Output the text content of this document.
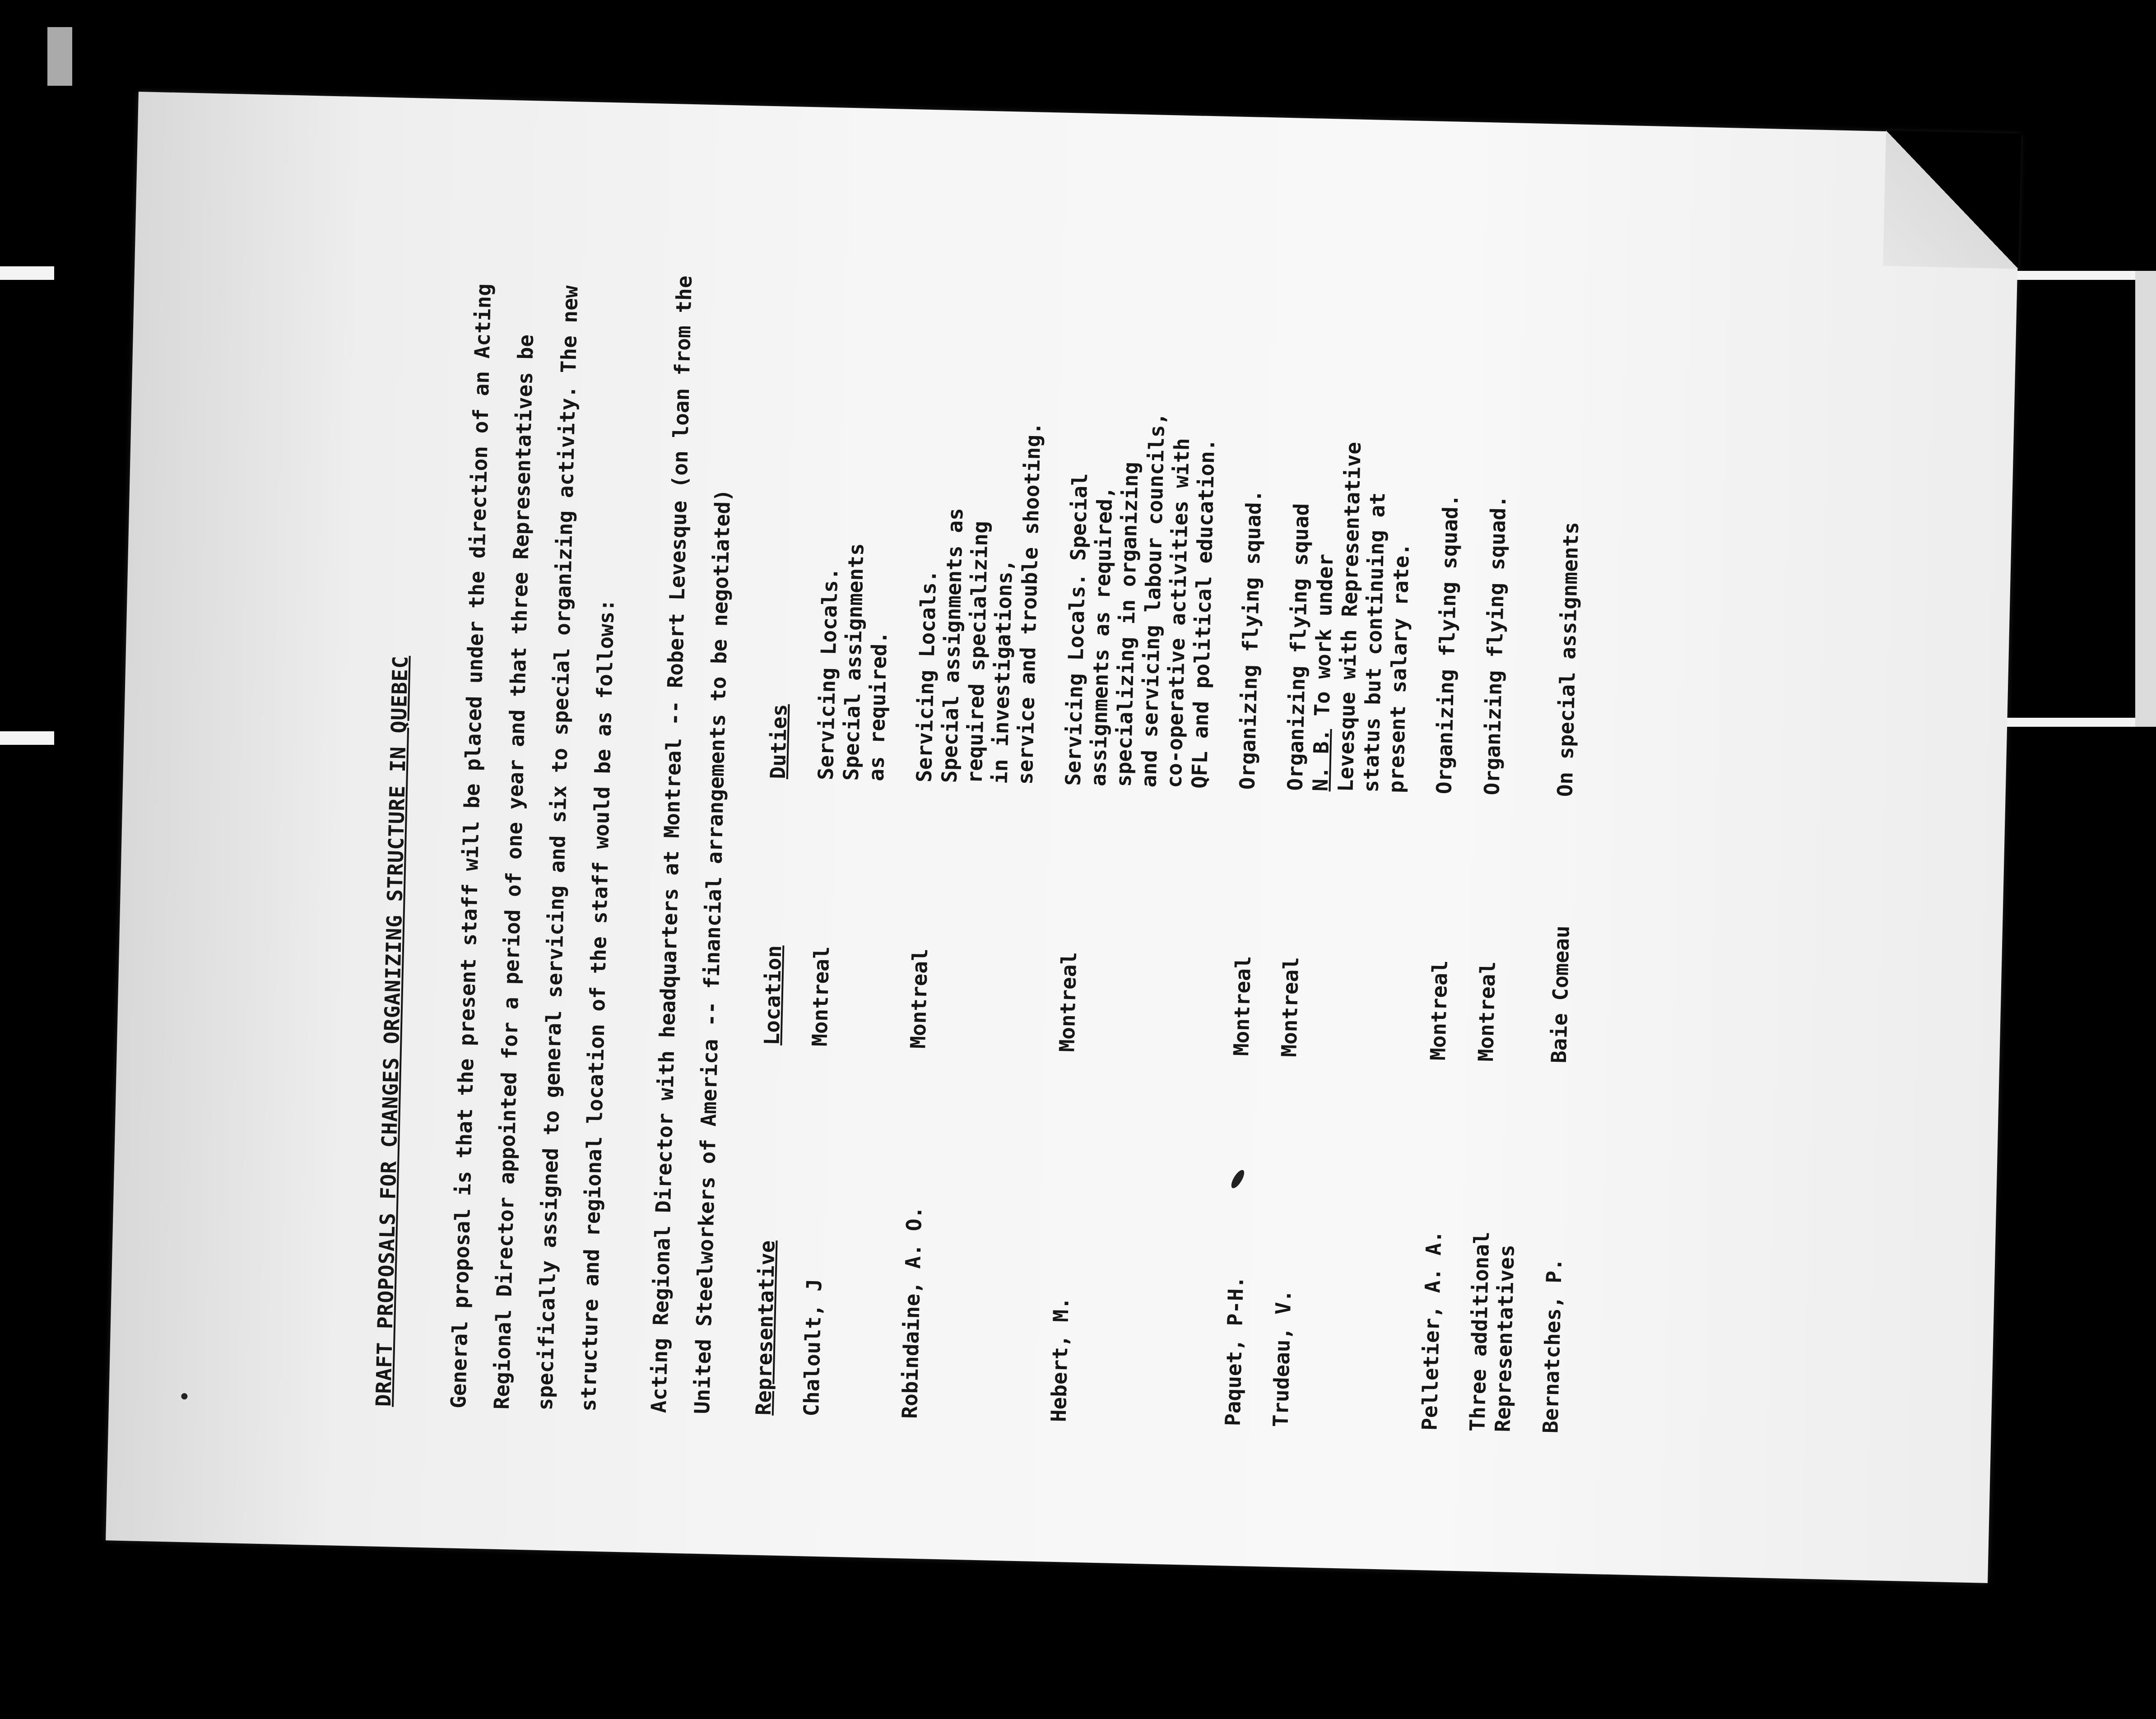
DRAFT PROPOSALS FOR CHANGES ORGANIZING STRUCTURE IN QUEBEC	General proposal is that the present staff will be placed under the direction of an Acting Regional Director appointed for a period of one year and that three Representatives be specifically assigned to general servicing and six to special organizing activity. The new structure and regional location of the staff would be as follows:	Acting Regional Director with headquarters at Montreal -- Robert Levesque (on loan from the United Steelworkers of America -- financial arrangements to be negotiated) Representative
Location
Duties
Chaloult, J
Montreal
Servicing Locals.
Special assignments
as required.
Robindaine, A. O.
Montreal
Servicing Locals.
Special assignments as
required specializing
in investigations,
service and trouble shooting.
Hebert, M.
Montreal
Servicing Locals. Special
assignments as required,
specializing in organizing
and servicing labour councils,
co-operative activities with
QFL and political education.
Paquet, P-H.
Montreal
Organizing flying squad.
Trudeau, V.
Montreal
Organizing flying squad
N. B. To work under
Levesque with Representative
status but continuing at
present salary rate.
Pelletier, A. A.
Montreal
Organizing flying squad.
Three additional
Representatives
Montreal
Organizing flying squad.
Bernatches, P.
Baie Comeau
On special assignments
